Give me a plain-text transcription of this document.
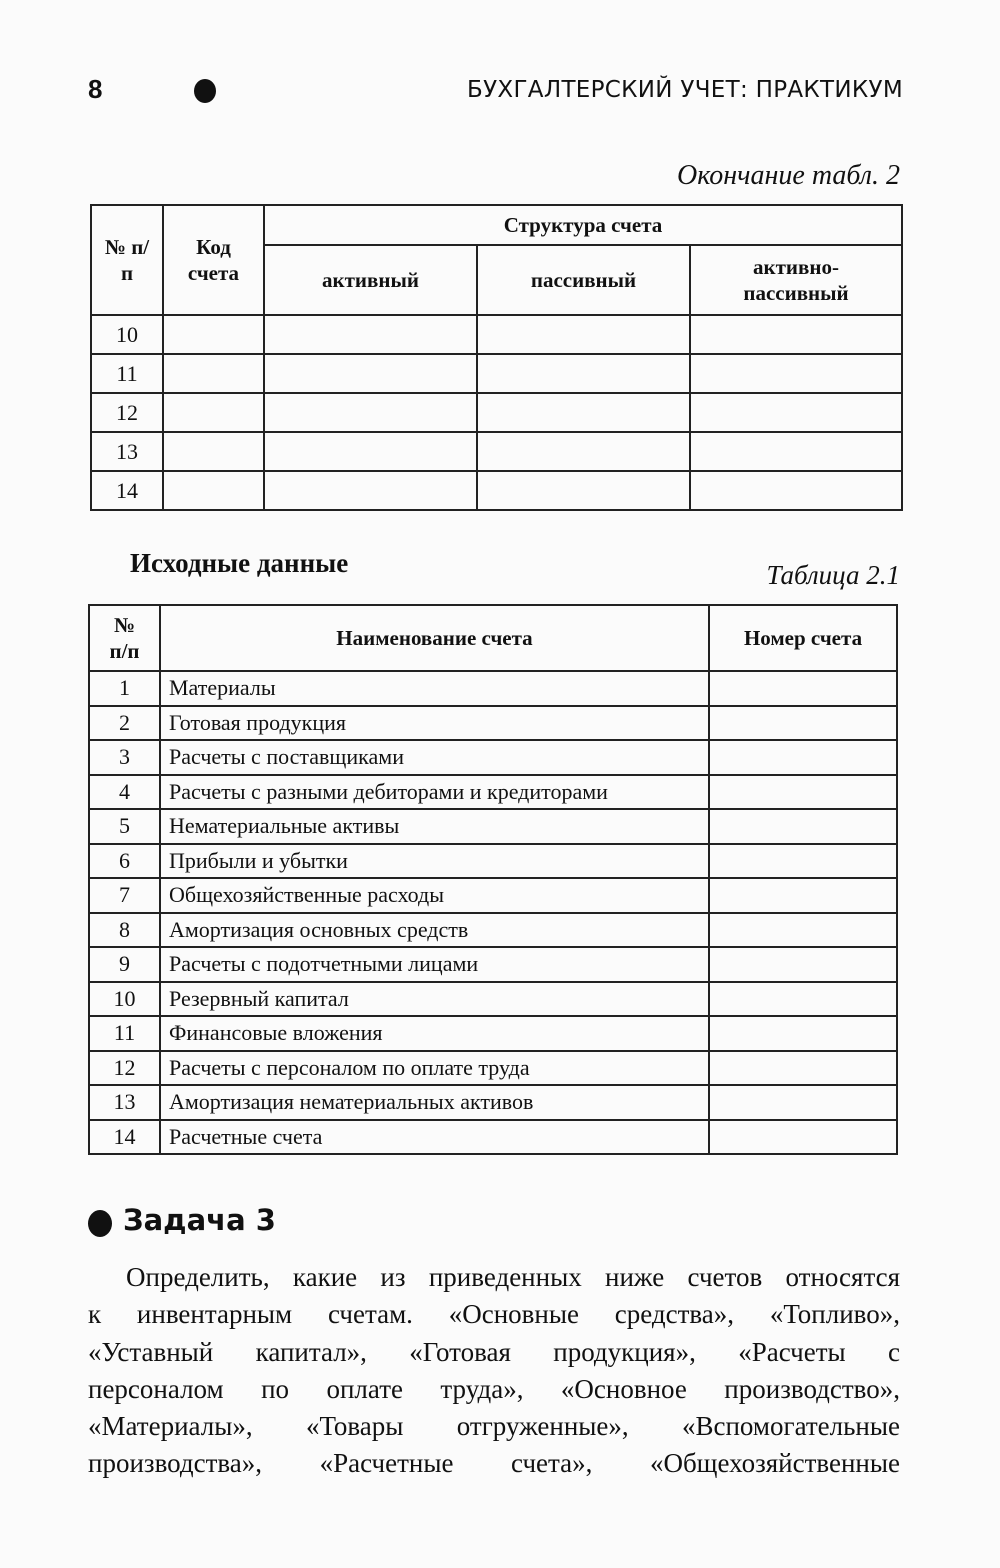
8	БУХГАЛТЕРСКИЙ УЧЕТ: ПРАКТИКУМ
Окончание табл. 2
№ п/п	Код счета	Структура счета		
		активный	пассивный	активно-пассивный
10				
11				
12				
13				
14				
Исходные данные	Таблица 2.1
№ п/п	Наименование счета	Номер счета
1	Материалы	
2	Готовая продукция	
3	Расчеты с поставщиками	
4	Расчеты с разными дебиторами и кредиторами	
5	Нематериальные активы	
6	Прибыли и убытки	
7	Общехозяйственные расходы	
8	Амортизация основных средств	
9	Расчеты с подотчетными лицами	
10	Резервный капитал	
11	Финансовые вложения	
12	Расчеты с персоналом по оплате труда	
13	Амортизация нематериальных активов	
14	Расчетные счета	
Задача 3
Определить, какие из приведенных ниже счетов относятся
к инвентарным счетам. «Основные средства», «Топливо»,
«Уставный капитал», «Готовая продукция», «Расчеты с
персоналом по оплате труда», «Основное производство»,
«Материалы», «Товары отгруженные», «Вспомогательные
производства», «Расчетные счета», «Общехозяйственные
